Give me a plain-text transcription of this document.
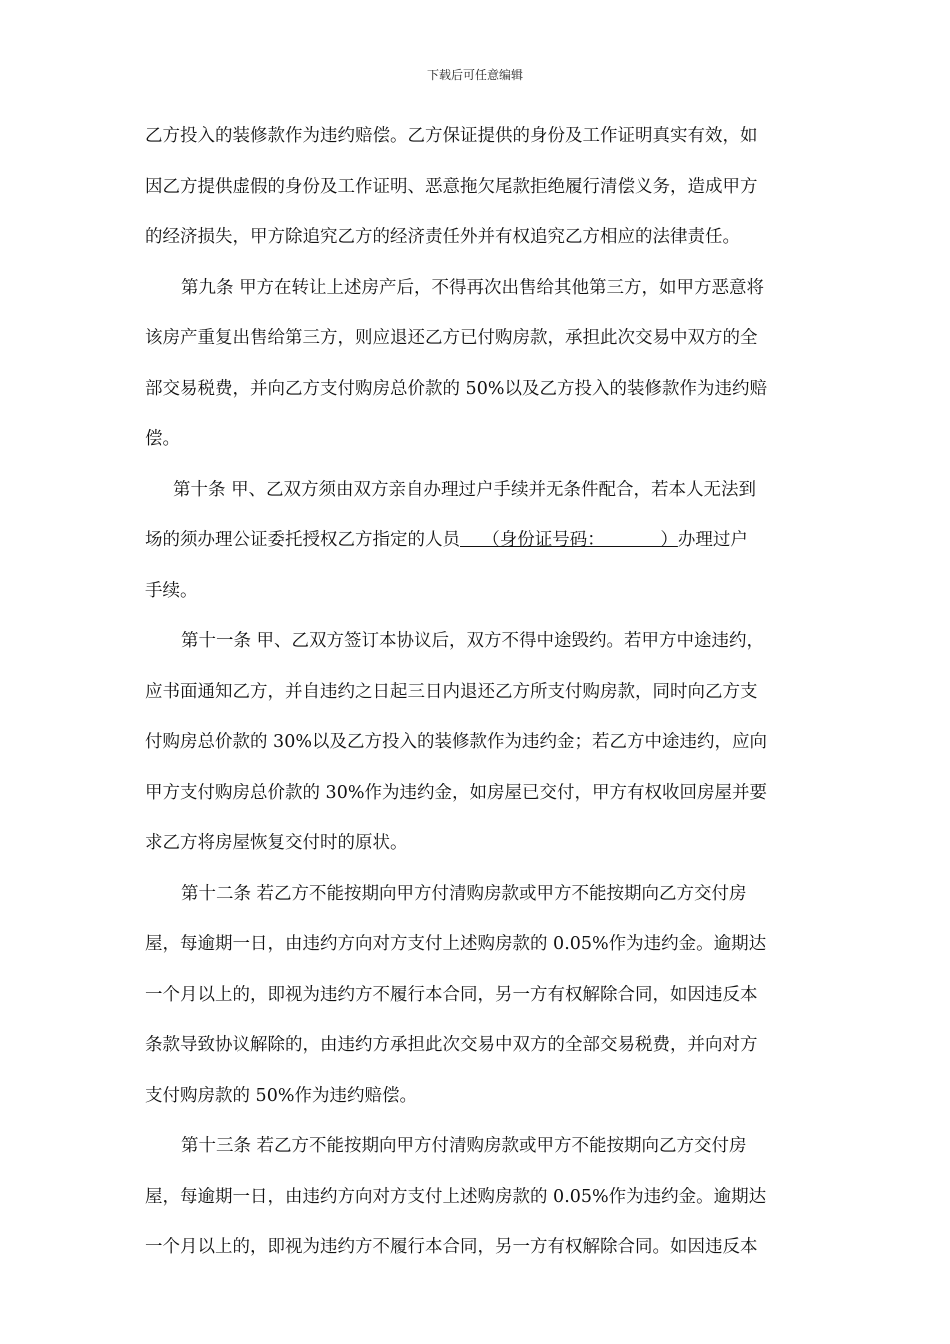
下载后可任意编辑
乙方投入的装修款作为违约赔偿。乙方保证提供的身份及工作证明真实有效，如
因乙方提供虚假的身份及工作证明、恶意拖欠尾款拒绝履行清偿义务，造成甲方
的经济损失，甲方除追究乙方的经济责任外并有权追究乙方相应的法律责任。
第九条 甲方在转让上述房产后，不得再次出售给其他第三方，如甲方恶意将
该房产重复出售给第三方，则应退还乙方已付购房款，承担此次交易中双方的全
部交易税费，并向乙方支付购房总价款的 50%以及乙方投入的装修款作为违约赔
偿。
第十条 甲、乙双方须由双方亲自办理过户手续并无条件配合，若本人无法到
场的须办理公证委托授权乙方指定的人员    （身份证号码：          ）办理过户
手续。
第十一条 甲、乙双方签订本协议后，双方不得中途毁约。若甲方中途违约，
应书面通知乙方，并自违约之日起三日内退还乙方所支付购房款，同时向乙方支
付购房总价款的 30%以及乙方投入的装修款作为违约金；若乙方中途违约，应向
甲方支付购房总价款的 30%作为违约金，如房屋已交付，甲方有权收回房屋并要
求乙方将房屋恢复交付时的原状。
第十二条 若乙方不能按期向甲方付清购房款或甲方不能按期向乙方交付房
屋，每逾期一日，由违约方向对方支付上述购房款的 0.05%作为违约金。逾期达
一个月以上的，即视为违约方不履行本合同，另一方有权解除合同，如因违反本
条款导致协议解除的，由违约方承担此次交易中双方的全部交易税费，并向对方
支付购房款的 50%作为违约赔偿。
第十三条 若乙方不能按期向甲方付清购房款或甲方不能按期向乙方交付房
屋，每逾期一日，由违约方向对方支付上述购房款的 0.05%作为违约金。逾期达
一个月以上的，即视为违约方不履行本合同，另一方有权解除合同。如因违反本
